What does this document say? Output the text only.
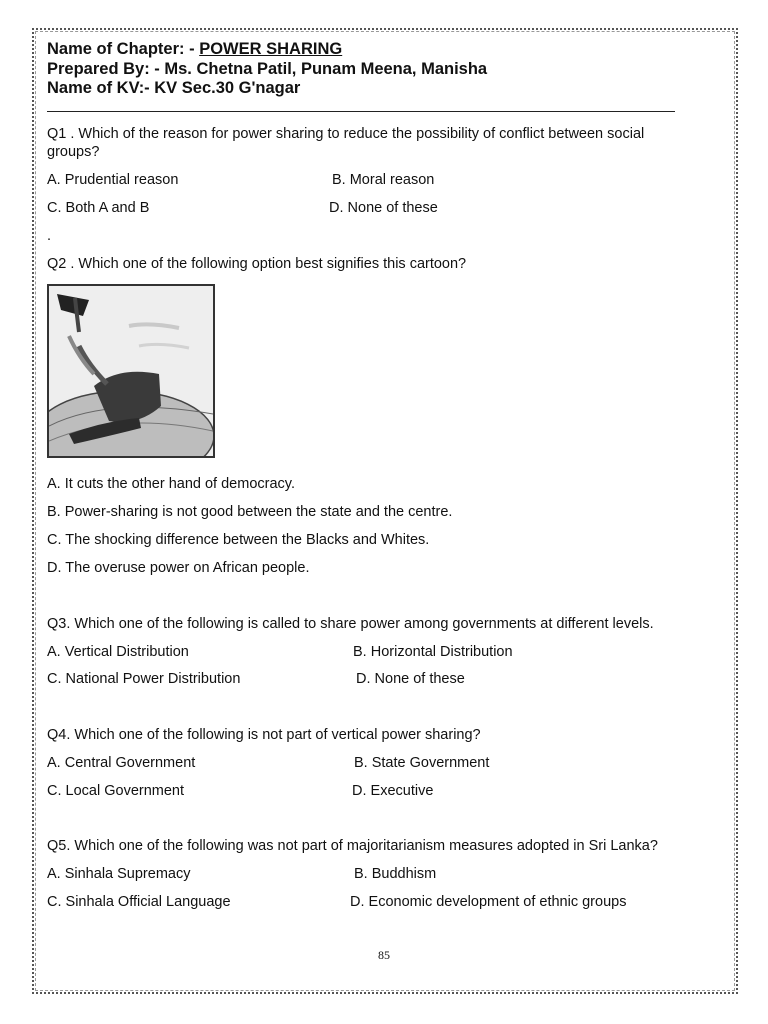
Name of Chapter: - POWER SHARING
Prepared By: - Ms. Chetna Patil, Punam Meena, Manisha
Name of KV:- KV Sec.30 G'nagar
Q1 . Which of the reason for power sharing to reduce the possibility of conflict between social
groups?
A. Prudential reason	B. Moral reason
C. Both A and B	D. None of these
.
Q2 . Which one of the following option best signifies this cartoon?
A. It cuts the other hand of democracy.
B. Power-sharing is not good between the state and the centre.
C. The shocking difference between the Blacks and Whites.
D. The overuse power on African people.
Q3. Which one of the following is called to share power among governments at different levels.
A. Vertical Distribution	B. Horizontal Distribution
C. National Power Distribution	D. None of these
Q4. Which one of the following is not part of vertical power sharing?
A. Central Government	B. State Government
C. Local Government	D. Executive
Q5. Which one of the following was not part of majoritarianism measures adopted in Sri Lanka?
A. Sinhala Supremacy	B. Buddhism
C. Sinhala Official Language	D. Economic development of ethnic groups
85
